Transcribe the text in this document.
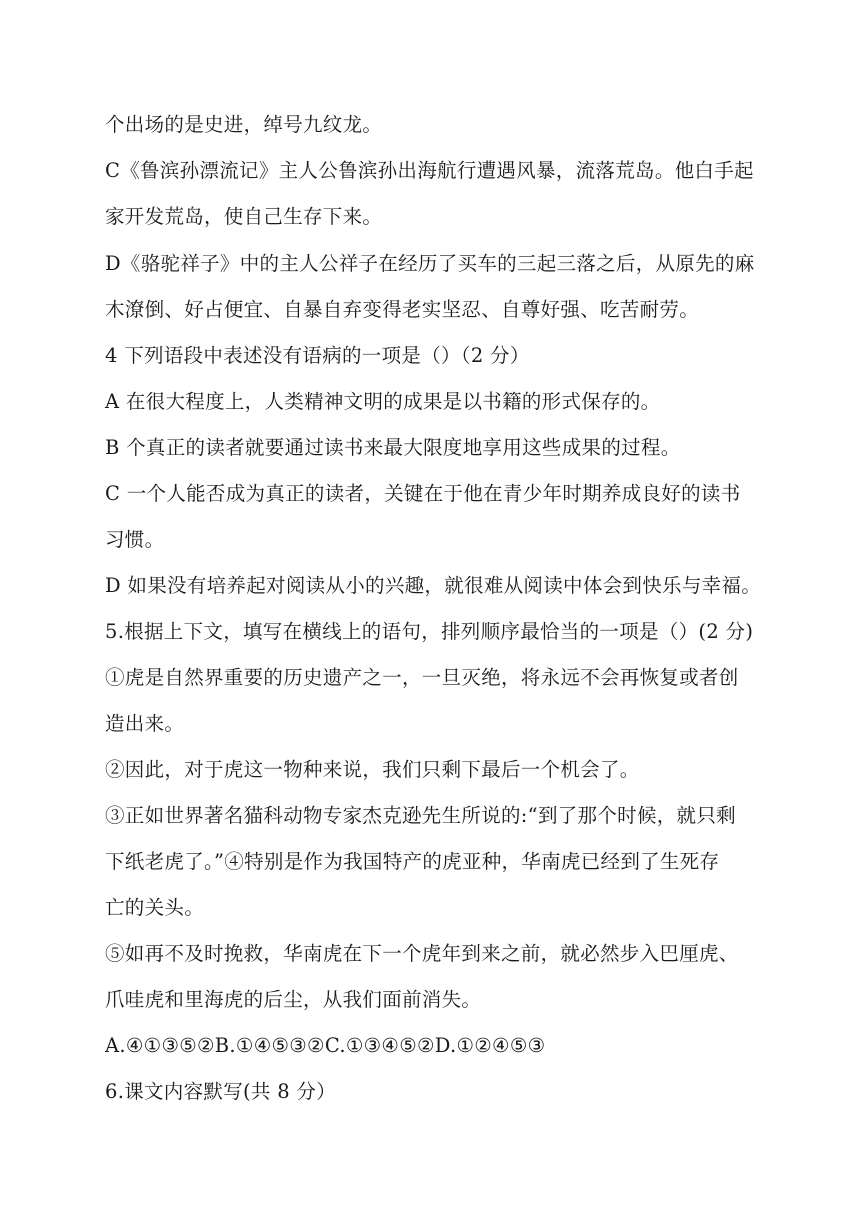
个出场的是史进，绰号九纹龙。

C《鲁滨孙漂流记》主人公鲁滨孙出海航行遭遇风暴，流落荒岛。他白手起

家开发荒岛，使自己生存下来。

D《骆驼祥子》中的主人公祥子在经历了买车的三起三落之后，从原先的麻

木潦倒、好占便宜、自暴自弃变得老实坚忍、自尊好强、吃苦耐劳。

4 下列语段中表述没有语病的一项是（）（2 分）

A 在很大程度上，人类精神文明的成果是以书籍的形式保存的。

B 个真正的读者就要通过读书来最大限度地享用这些成果的过程。

C 一个人能否成为真正的读者，关键在于他在青少年时期养成良好的读书

习惯。

D 如果没有培养起对阅读从小的兴趣，就很难从阅读中体会到快乐与幸福。

5.根据上下文，填写在横线上的语句，排列顺序最恰当的一项是（）(2 分)

①虎是自然界重要的历史遗产之一，一旦灭绝，将永远不会再恢复或者创

造出来。

②因此，对于虎这一物种来说，我们只剩下最后一个机会了。

③正如世界著名猫科动物专家杰克逊先生所说的:“到了那个时候，就只剩

下纸老虎了。”④特别是作为我国特产的虎亚种，华南虎已经到了生死存

亡的关头。

⑤如再不及时挽救，华南虎在下一个虎年到来之前，就必然步入巴厘虎、

爪哇虎和里海虎的后尘，从我们面前消失。

A.④①③⑤②B.①④⑤③②C.①③④⑤②D.①②④⑤③

6.课文内容默写(共 8 分）
